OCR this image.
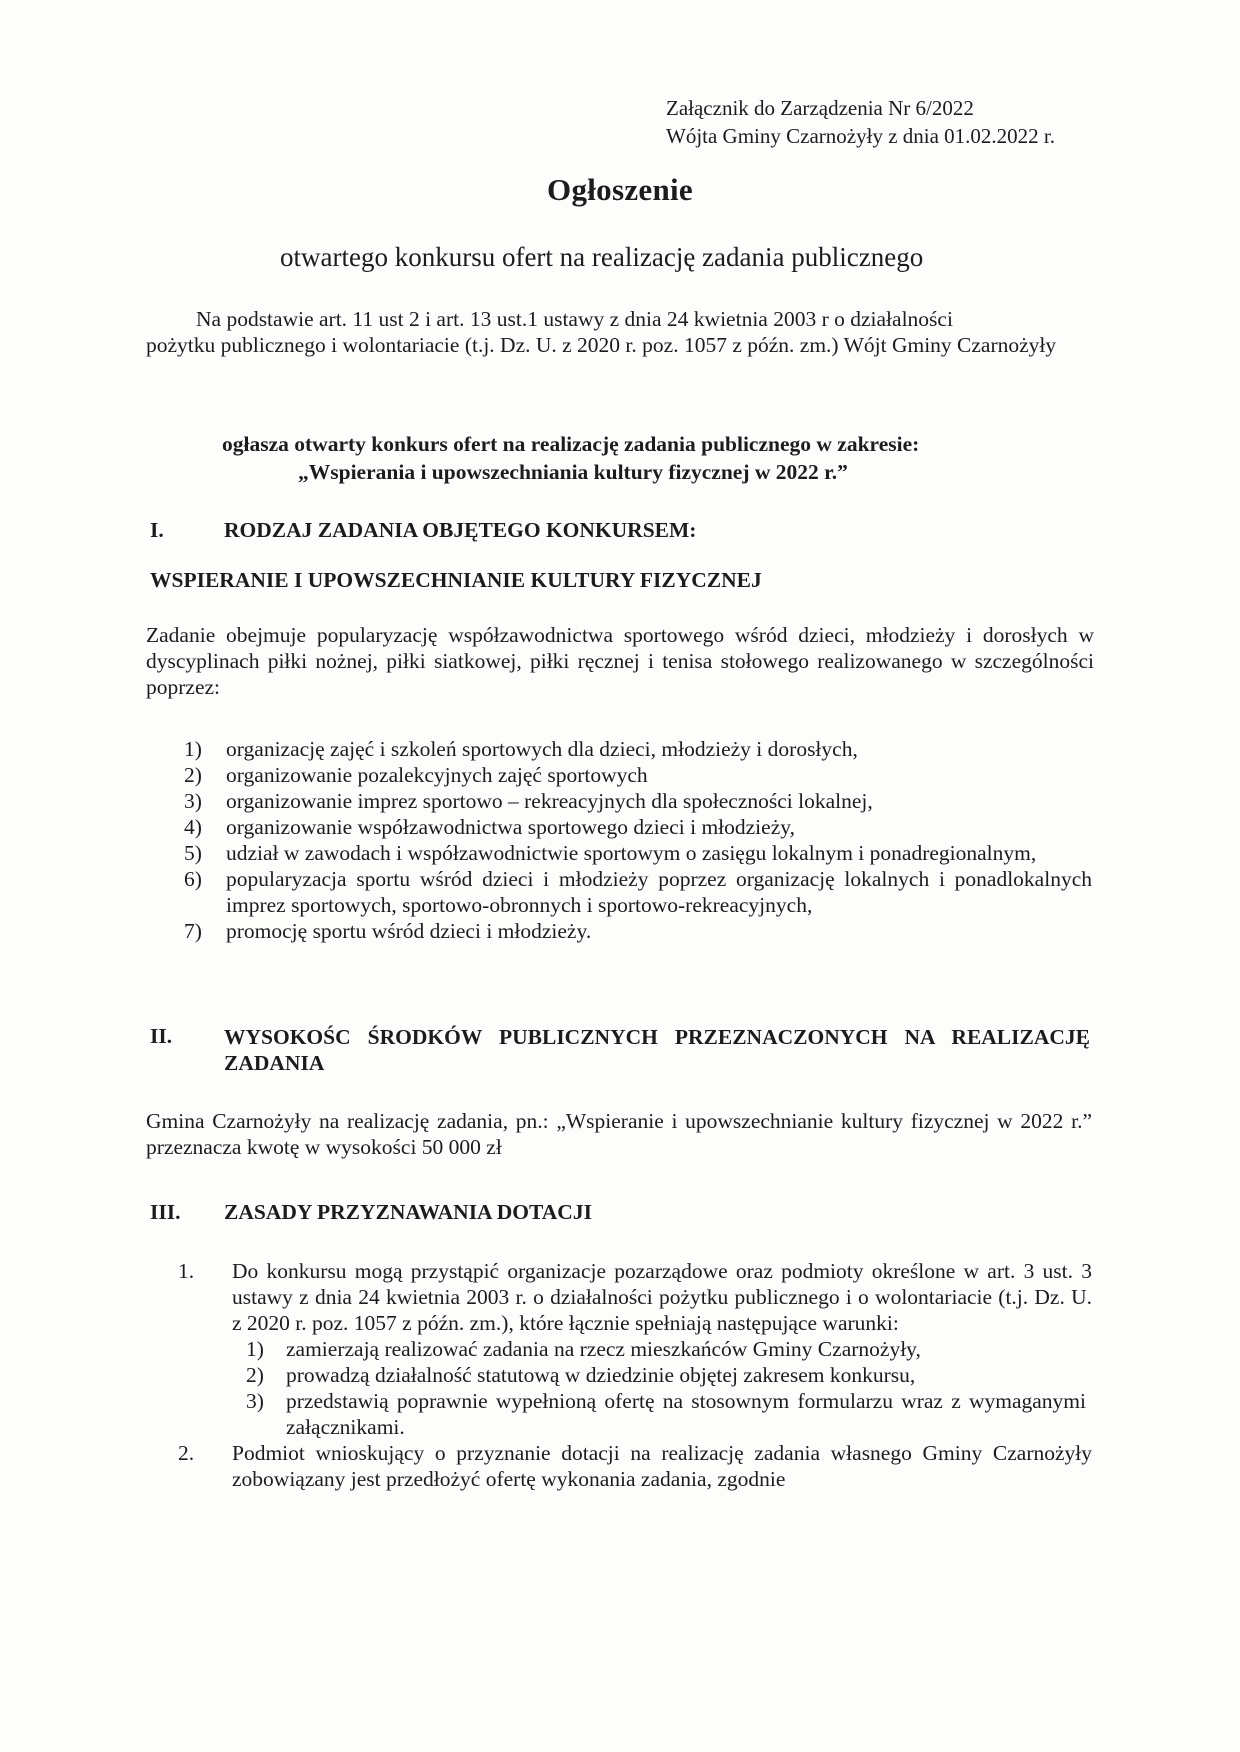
Załącznik do Zarządzenia Nr 6/2022
Wójta Gminy Czarnożyły z dnia 01.02.2022 r.
Ogłoszenie
otwartego konkursu ofert na realizację zadania publicznego
Na podstawie art. 11 ust 2 i art. 13 ust.1 ustawy z dnia 24 kwietnia 2003 r o działalności
pożytku publicznego i wolontariacie (t.j. Dz. U. z 2020 r. poz. 1057 z późn. zm.) Wójt Gminy Czarnożyły
ogłasza otwarty konkurs ofert na realizację zadania publicznego w zakresie:
„Wspierania i upowszechniania kultury fizycznej w 2022 r.”
I.	RODZAJ ZADANIA OBJĘTEGO KONKURSEM:
WSPIERANIE I UPOWSZECHNIANIE KULTURY FIZYCZNEJ
Zadanie obejmuje popularyzację współzawodnictwa sportowego wśród dzieci, młodzieży i dorosłych w dyscyplinach piłki nożnej, piłki siatkowej, piłki ręcznej i tenisa stołowego realizowanego w szczególności poprzez:
1) organizację zajęć i szkoleń sportowych dla dzieci, młodzieży i dorosłych,
2) organizowanie pozalekcyjnych zajęć sportowych
3) organizowanie imprez sportowo – rekreacyjnych dla społeczności lokalnej,
4) organizowanie współzawodnictwa sportowego dzieci i młodzieży,
5) udział w zawodach i współzawodnictwie sportowym o zasięgu lokalnym i ponadregionalnym,
6) popularyzacja sportu wśród dzieci i młodzieży poprzez organizację lokalnych i ponadlokalnych imprez sportowych, sportowo-obronnych i sportowo-rekreacyjnych,
7) promocję sportu wśród dzieci i młodzieży.
II. WYSOKOŚC ŚRODKÓW PUBLICZNYCH PRZEZNACZONYCH NA REALIZACJĘ ZADANIA
Gmina Czarnożyły na realizację zadania, pn.: „Wspieranie i upowszechnianie kultury fizycznej w 2022 r.” przeznacza kwotę w wysokości 50 000 zł
III. ZASADY PRZYZNAWANIA DOTACJI
1. Do konkursu mogą przystąpić organizacje pozarządowe oraz podmioty określone w art. 3 ust. 3 ustawy z dnia 24 kwietnia 2003 r. o działalności pożytku publicznego i o wolontariacie (t.j. Dz. U. z 2020 r. poz. 1057 z późn. zm.), które łącznie spełniają następujące warunki:
1) zamierzają realizować zadania na rzecz mieszkańców Gminy Czarnożyły,
2) prowadzą działalność statutową w dziedzinie objętej zakresem konkursu,
3) przedstawią poprawnie wypełnioną ofertę na stosownym formularzu wraz z wymaganymi załącznikami.
2. Podmiot wnioskujący o przyznanie dotacji na realizację zadania własnego Gminy Czarnożyły zobowiązany jest przedłożyć ofertę wykonania zadania, zgodnie
